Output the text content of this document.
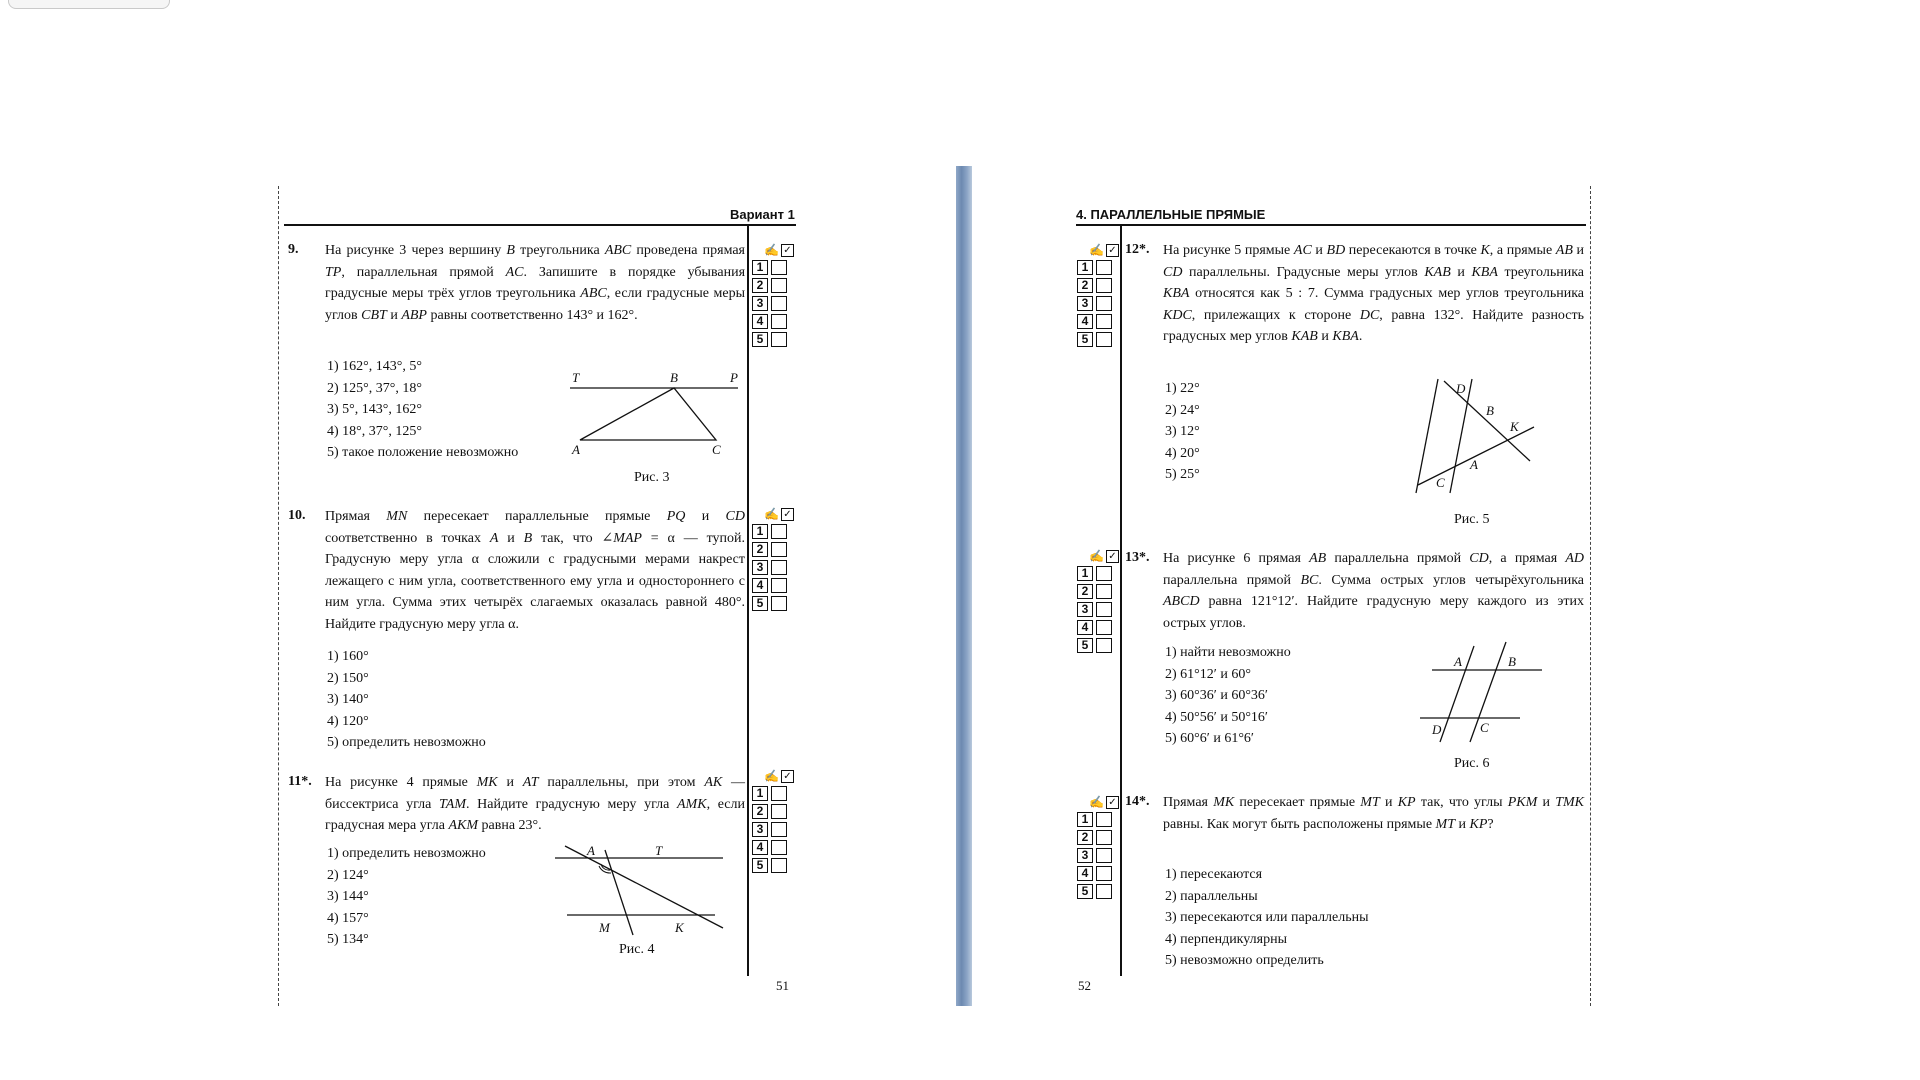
Вариант 1
9. На рисунке 3 через вершину B треугольника ABC проведена прямая TP, параллельная прямой AC. Запишите в порядке убывания градусные меры трёх углов треугольника ABC, если градусные меры углов CBT и ABP равны соответственно 143° и 162°.
1) 162°, 143°, 5°
2) 125°, 37°, 18°
3) 5°, 143°, 162°
4) 18°, 37°, 125°
5) такое положение невозможно
T	B	P
A	C
Рис. 3
✍ ✓
1
2
3
4
5
10. Прямая MN пересекает параллельные прямые PQ и CD соответственно в точках A и B так, что ∠MAP = α — тупой. Градусную меру угла α сложили с градусными мерами накрест лежащего с ним угла, соответственного ему угла и одностороннего с ним угла. Сумма этих четырёх слагаемых оказалась равной 480°. Найдите градусную меру угла α.
1) 160°
2) 150°
3) 140°
4) 120°
5) определить невозможно
✍ ✓
1
2
3
4
5
11*. На рисунке 4 прямые MK и AT параллельны, при этом AK — биссектриса угла TAM. Найдите градусную меру угла AMK, если градусная мера угла AKM равна 23°.
1) определить невозможно
2) 124°
3) 144°
4) 157°
5) 134°
A	T
M	K
Рис. 4
✍ ✓
1
2
3
4
5
51
4. ПАРАЛЛЕЛЬНЫЕ ПРЯМЫЕ
✍ ✓
1
2
3
4
5
12*. На рисунке 5 прямые AC и BD пересекаются в точке K, а прямые AB и CD параллельны. Градусные меры углов KAB и KBA треугольника KBA относятся как 5 : 7. Сумма градусных мер углов треугольника KDC, прилежащих к стороне DC, равна 132°. Найдите разность градусных мер углов KAB и KBA.
1) 22°
2) 24°
3) 12°
4) 20°
5) 25°
D
B
K
A
C
Рис. 5
✍ ✓
1
2
3
4
5
13*. На рисунке 6 прямая AB параллельна прямой CD, а прямая AD параллельна прямой BC. Сумма острых углов четырёхугольника ABCD равна 121°12′. Найдите градусную меру каждого из этих острых углов.
1) найти невозможно
2) 61°12′ и 60°
3) 60°36′ и 60°36′
4) 50°56′ и 50°16′
5) 60°6′ и 61°6′
A	B
D	C
Рис. 6
✍ ✓
1
2
3
4
5
14*. Прямая MK пересекает прямые MT и KP так, что углы PKM и TMK равны. Как могут быть расположены прямые MT и KP?
1) пересекаются
2) параллельны
3) пересекаются или параллельны
4) перпендикулярны
5) невозможно определить
52
